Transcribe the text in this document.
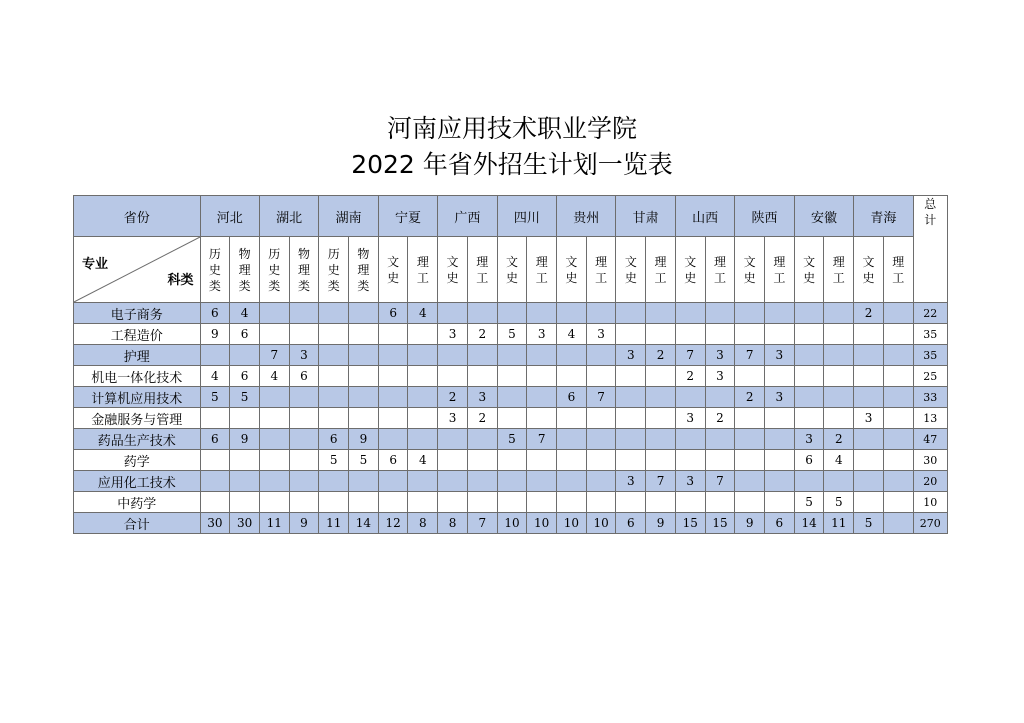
河南应用技术职业学院
2022 年省外招生计划一览表
省份	河北		湖北		湖南		宁夏		广西		四川		贵州		甘肃		山西		陕西		安徽		青海		总计

专业
科类	历史类	物理类	历史类	物理类	历史类	物理类	文史	理工	文史	理工	文史	理工	文史	理工	文史	理工	文史	理工	文史	理工	文史	理工	文史	理工	
电子商务	6	4					6	4															2		22
工程造价	9	6							3	2	5	3	4	3											35
护理			7	3											3	2	7	3	7	3					35
机电一体化技术	4	6	4	6													2	3							25
计算机应用技术	5	5							2	3			6	7					2	3					33
金融服务与管理									3	2							3	2					3		13
药品生产技术	6	9			6	9					5	7									3	2			47
药学					5	5	6	4													6	4			30
应用化工技术															3	7	3	7							20
中药学																					5	5			10
合计	30	30	11	9	11	14	12	8	8	7	10	10	10	10	6	9	15	15	9	6	14	11	5		270
